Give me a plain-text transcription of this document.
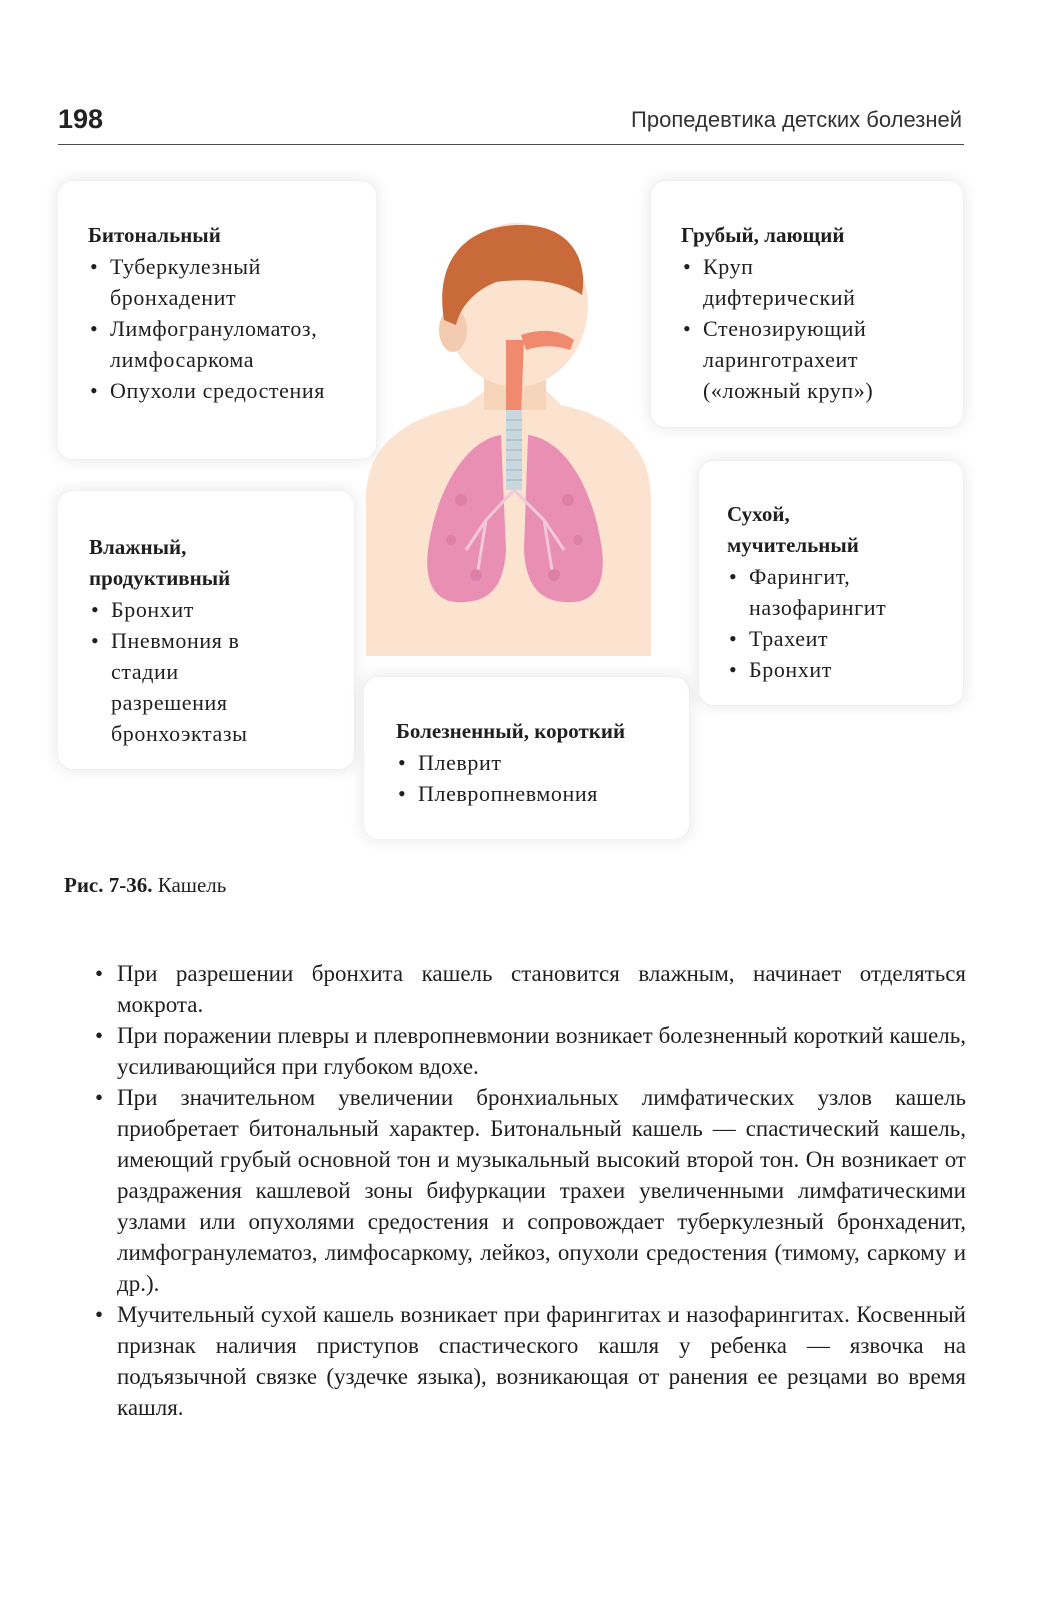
198	Пропедевтика детских болезней

Битональный

• Туберкулезный бронхаденит
• Лимфогрануломатоз, лимфосаркома
• Опухоли средостения

Влажный, продуктивный

• Бронхит
• Пневмония в стадии разрешения
бронхоэктазы	Болезненный, короткий

• Плеврит
• Плевропневмония

Грубый, лающий

• Круп дифтерический
• Стенозирующий ларинготрахеит («ложный круп»)

Сухой, мучительный

• Фарингит, назофарингит
• Трахеит
• Бронхит
Рис. 7-36. Кашель
• При разрешении бронхита кашель становится влажным, начинает отделяться мокрота.
• При поражении плевры и плевропневмонии возникает болезненный короткий кашель, усиливающийся при глубоком вдохе.
• При значительном увеличении бронхиальных лимфатических узлов кашель приобретает битональный характер. Битональный кашель — спастический кашель, имеющий грубый основной тон и музыкальный высокий второй тон. Он возникает от раздражения кашлевой зоны бифуркации трахеи увеличенными лимфатическими узлами или опухолями средостения и сопровождает туберкулезный бронхаденит, лимфогранулематоз, лимфосаркому, лейкоз, опухоли средостения (тимому, саркому и др.).
• Мучительный сухой кашель возникает при фарингитах и назофарингитах. Косвенный признак наличия приступов спастического кашля у ребенка — язвочка на подъязычной связке (уздечке языка), возникающая от ранения ее резцами во время кашля.
